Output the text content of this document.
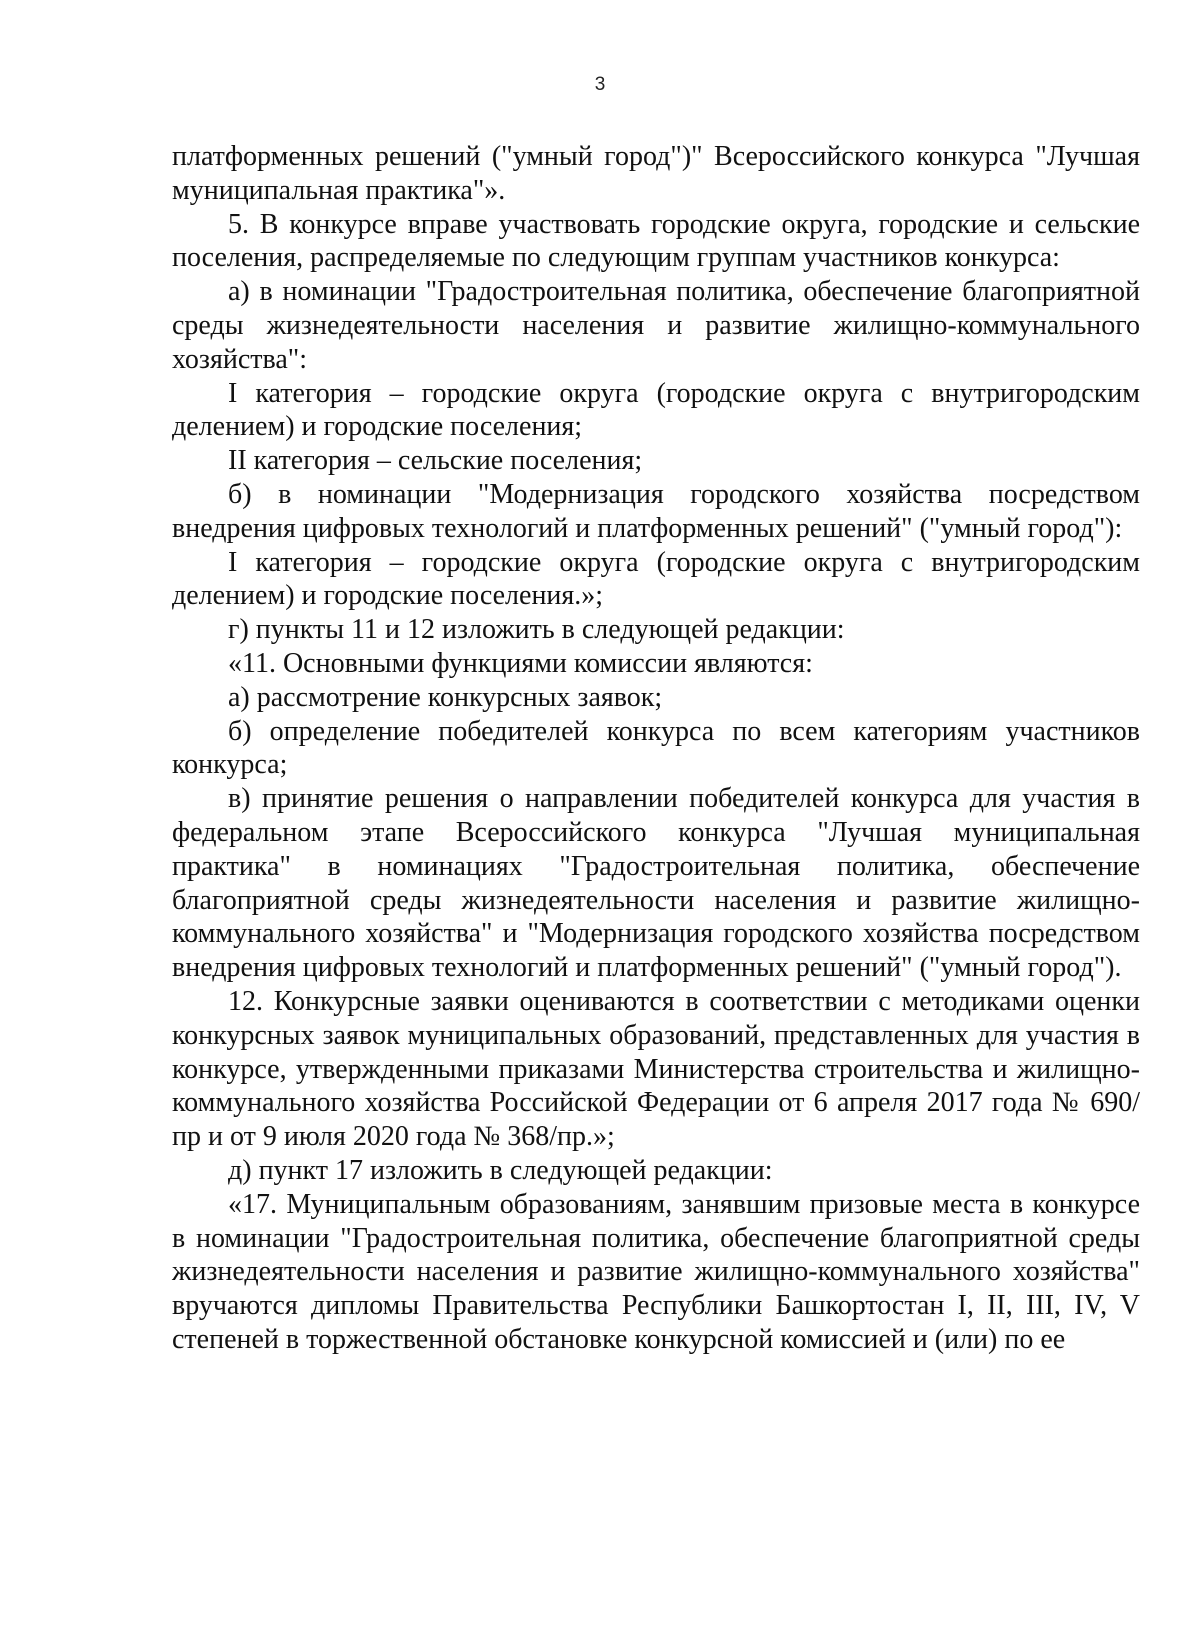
3

платформенных решений ("умный город")" Всероссийского конкурса "Лучшая муниципальная практика"».

5. В конкурсе вправе участвовать городские округа, городские и сельские поселения, распределяемые по следующим группам участников конкурса:

а) в номинации "Градостроительная политика, обеспечение благоприятной среды жизнедеятельности населения и развитие жилищно-коммунального хозяйства":

I категория – городские округа (городские округа с внутригородским делением) и городские поселения;

II категория – сельские поселения;

б) в номинации "Модернизация городского хозяйства посредством внедрения цифровых технологий и платформенных решений" ("умный город"):

I категория – городские округа (городские округа с внутригородским делением) и городские поселения.»;

г) пункты 11 и 12 изложить в следующей редакции:

«11. Основными функциями комиссии являются:

а) рассмотрение конкурсных заявок;

б) определение победителей конкурса по всем категориям участников конкурса;

в) принятие решения о направлении победителей конкурса для участия в федеральном этапе Всероссийского конкурса "Лучшая муниципальная практика" в номинациях "Градостроительная политика, обеспечение благоприятной среды жизнедеятельности населения и развитие жилищно-коммунального хозяйства" и "Модернизация городского хозяйства посредством внедрения цифровых технологий и платформенных решений" ("умный город").

12. Конкурсные заявки оцениваются в соответствии с методиками оценки конкурсных заявок муниципальных образований, представленных для участия в конкурсе, утвержденными приказами Министерства строительства и жилищно-коммунального хозяйства Российской Федерации от 6 апреля 2017 года № 690/пр и от 9 июля 2020 года № 368/пр.»;

д) пункт 17 изложить в следующей редакции:

«17. Муниципальным образованиям, занявшим призовые места в конкурсе в номинации "Градостроительная политика, обеспечение благоприятной среды жизнедеятельности населения и развитие жилищно-коммунального хозяйства" вручаются дипломы Правительства Республики Башкортостан I, II, III, IV, V степеней в торжественной обстановке конкурсной комиссией и (или) по ее
